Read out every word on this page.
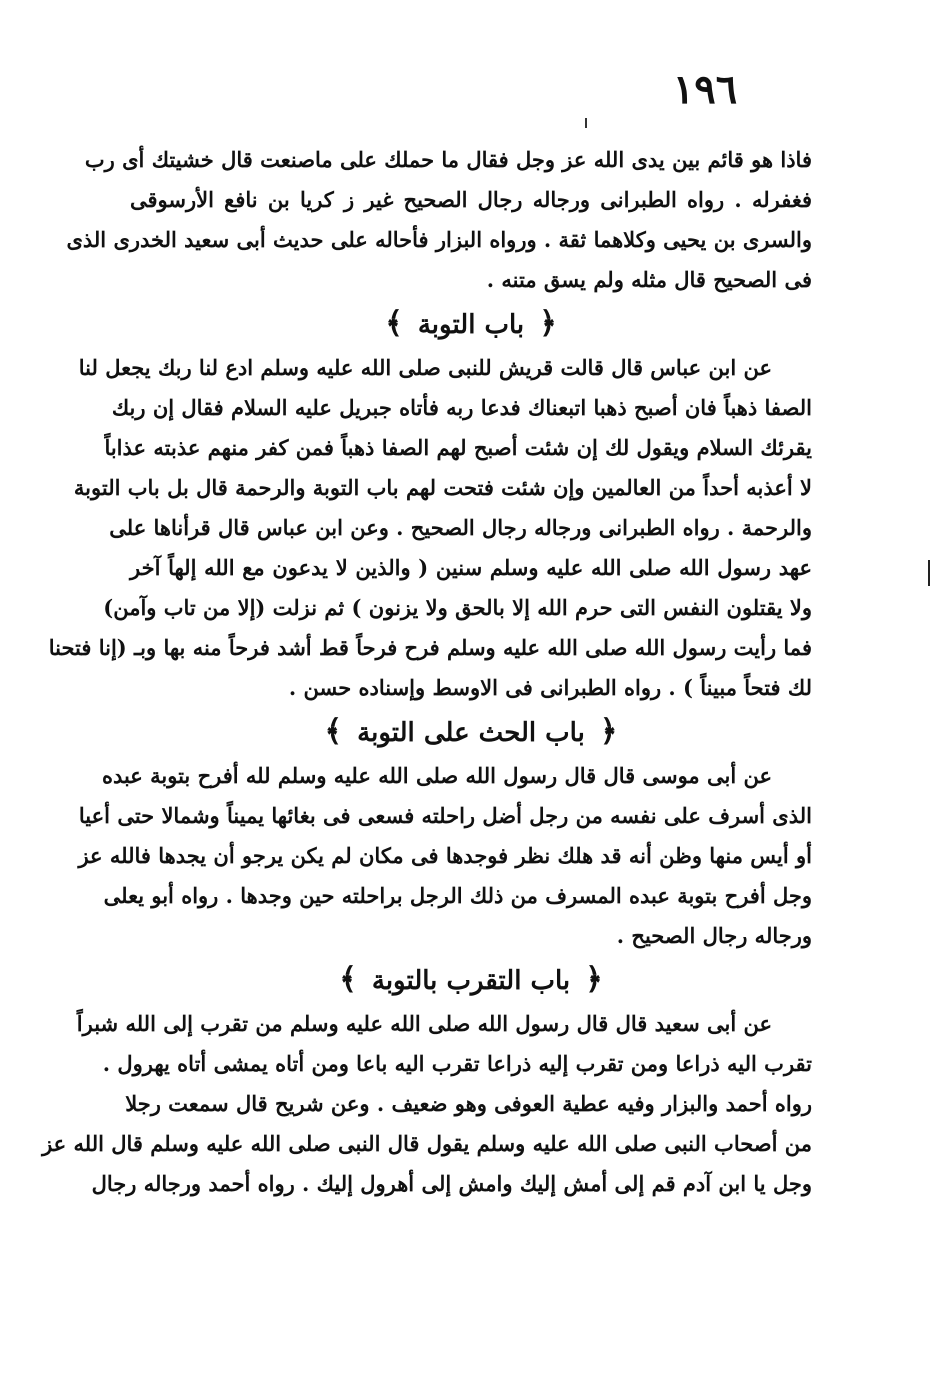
١٩٦
فاذا هو قائم بين يدى الله عز وجل فقال ما حملك على ماصنعت قال خشيتك أى رب
فغفرله . رواه الطبرانى ورجاله رجال الصحيح غير ز كريا بن نافع الأرسوقى
والسرى بن يحيى وكلاهما ثقة . ورواه البزار فأحاله على حديث أبى سعيد الخدرى الذى
فى الصحيح قال مثله ولم يسق متنه .
﴿ باب التوبة ﴾
عن ابن عباس قال قالت قريش للنبى صلى الله عليه وسلم ادع لنا ربك يجعل لنا
الصفا ذهباً فان أصبح ذهبا اتبعناك فدعا ربه فأتاه جبريل عليه السلام فقال إن ربك
يقرئك السلام ويقول لك إن شئت أصبح لهم الصفا ذهباً فمن كفر منهم عذبته عذاباً
لا أعذبه أحداً من العالمين وإن شئت فتحت لهم باب التوبة والرحمة قال بل باب التوبة
والرحمة . رواه الطبرانى ورجاله رجال الصحيح . وعن ابن عباس قال قرأناها على
عهد رسول الله صلى الله عليه وسلم سنين ( والذين لا يدعون مع الله إلهاً آخر
ولا يقتلون النفس التى حرم الله إلا بالحق ولا يزنون ) ثم نزلت (إلا من تاب وآمن)
فما رأيت رسول الله صلى الله عليه وسلم فرح فرحاً قط أشد فرحاً منه بها وبـ (إنا فتحنا
لك فتحاً مبيناً ) . رواه الطبرانى فى الاوسط وإسناده حسن .
﴿ باب الحث على التوبة ﴾
عن أبى موسى قال قال رسول الله صلى الله عليه وسلم لله أفرح بتوبة عبده
الذى أسرف على نفسه من رجل أضل راحلته فسعى فى بغائها يميناً وشمالا حتى أعيا
أو أيس منها وظن أنه قد هلك نظر فوجدها فى مكان لم يكن يرجو أن يجدها فالله عز
وجل أفرح بتوبة عبده المسرف من ذلك الرجل براحلته حين وجدها . رواه أبو يعلى
ورجاله رجال الصحيح .
﴿ باب التقرب بالتوبة ﴾
عن أبى سعيد قال قال رسول الله صلى الله عليه وسلم من تقرب إلى الله شبراً
تقرب اليه ذراعا ومن تقرب إليه ذراعا تقرب اليه باعا ومن أتاه يمشى أتاه يهرول .
رواه أحمد والبزار وفيه عطية العوفى وهو ضعيف . وعن شريح قال سمعت رجلا
من أصحاب النبى صلى الله عليه وسلم يقول قال النبى صلى الله عليه وسلم قال الله عز
وجل يا ابن آدم قم إلى أمش إليك وامش إلى أهرول إليك . رواه أحمد ورجاله رجال
